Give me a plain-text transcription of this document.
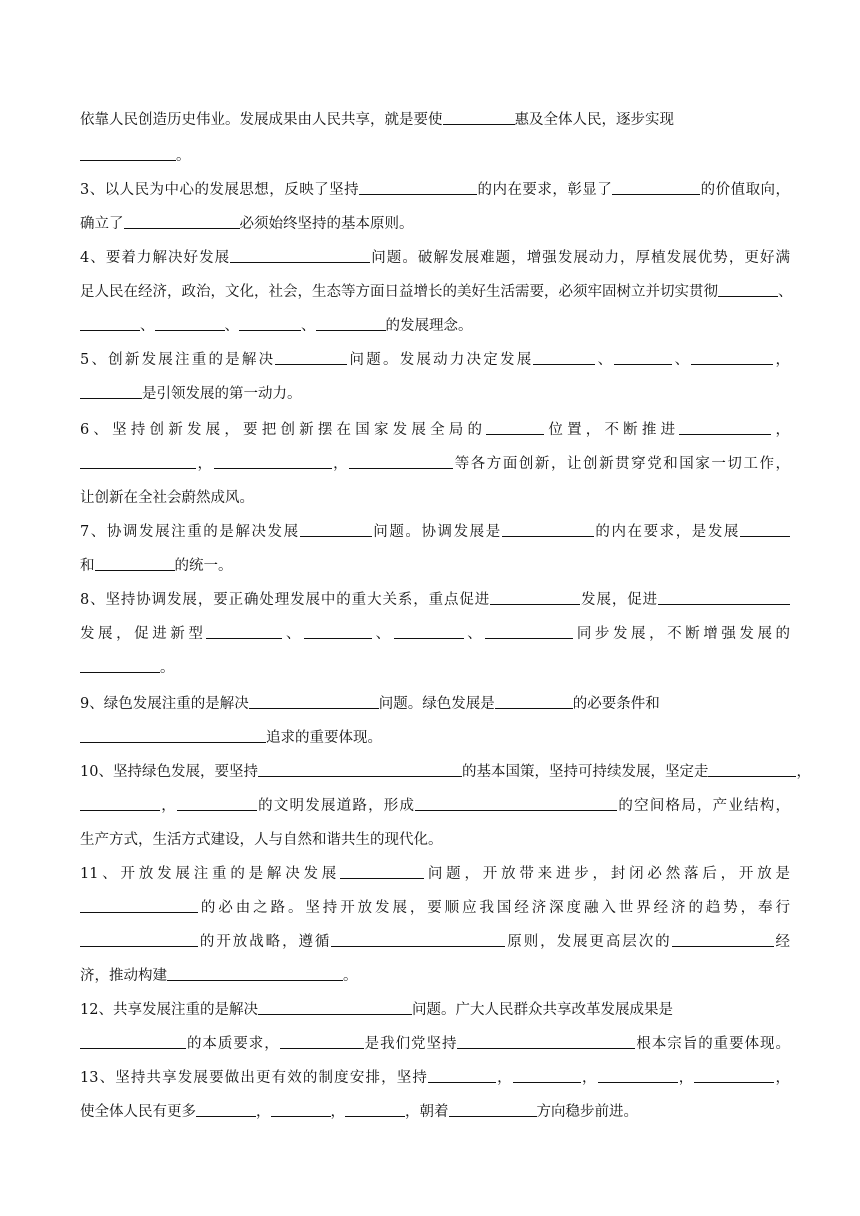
依靠人民创造历史伟业。发展成果由人民共享，就是要使	惠及全体人民，逐步实现
。
3、以人民为中心的发展思想，反映了坚持	的内在要求，彰显了	的价值取向，
确立了	必须始终坚持的基本原则。
4、要着力解决好发展	问题。破解发展难题，增强发展动力，厚植发展优势，更好满
足人民在经济，政治，文化，社会，生态等方面日益增长的美好生活需要，必须牢固树立并切实贯彻	、
、	、	、	的发展理念。
5、创新发展注重的是解决	问题。发展动力决定发展	、	、	，
是引领发展的第一动力。
6、坚持创新发展，要把创新摆在国家发展全局的	位置，不断推进	，
，	，	等各方面创新，让创新贯穿党和国家一切工作，
让创新在全社会蔚然成风。
7、协调发展注重的是解决发展	问题。协调发展是	的内在要求，是发展
和	的统一。
8、坚持协调发展，要正确处理发展中的重大关系，重点促进	发展，促进
发展，促进新型	、	、	、	同步发展，不断增强发展的
。
9、绿色发展注重的是解决	问题。绿色发展是	的必要条件和
追求的重要体现。
10、坚持绿色发展，要坚持	的基本国策，坚持可持续发展，坚定走	，
，	的文明发展道路，形成	的空间格局，产业结构，
生产方式，生活方式建设，人与自然和谐共生的现代化。
11、开放发展注重的是解决发展	问题，开放带来进步，封闭必然落后，开放是
的必由之路。坚持开放发展，要顺应我国经济深度融入世界经济的趋势，奉行
的开放战略，遵循	原则，发展更高层次的	经
济，推动构建	。
12、共享发展注重的是解决	问题。广大人民群众共享改革发展成果是
的本质要求，	是我们党坚持	根本宗旨的重要体现。
13、坚持共享发展要做出更有效的制度安排，坚持	，	，	，	，
使全体人民有更多	，	，	，朝着	方向稳步前进。
